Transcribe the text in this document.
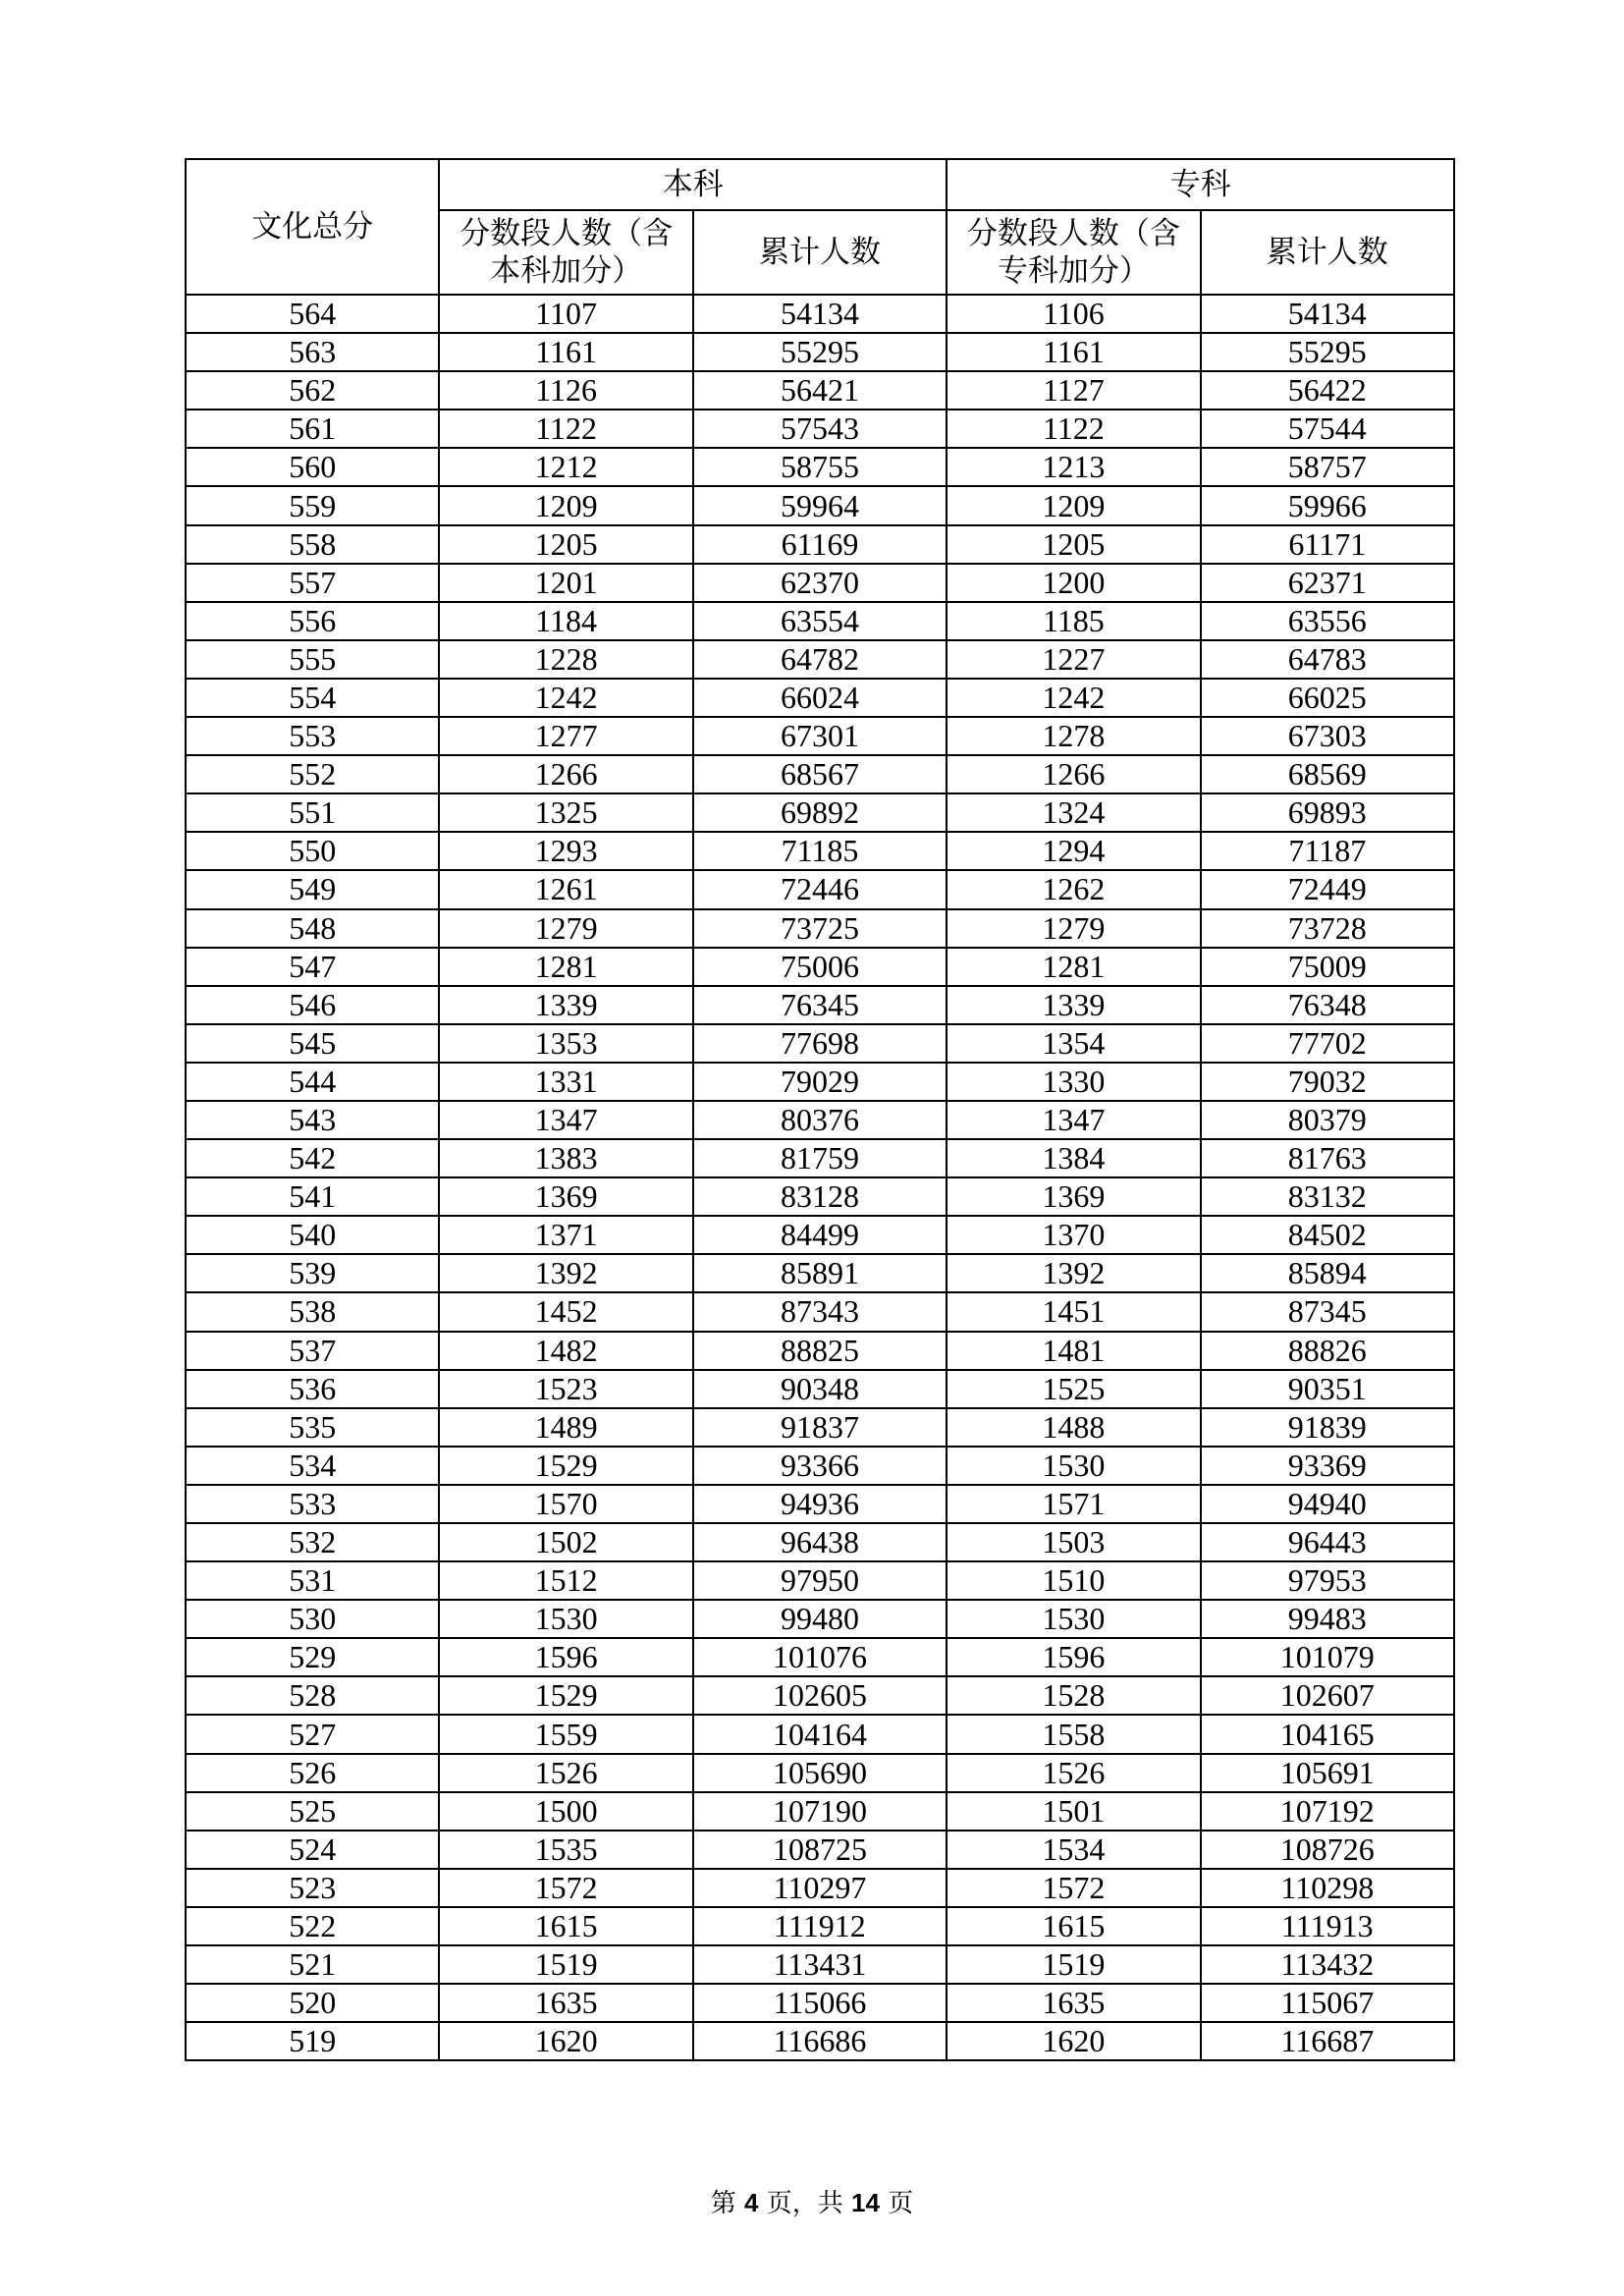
文化总分	本科		专科	
	分数段人数（含本科加分）	累计人数	分数段人数（含专科加分）	累计人数
564	1107	54134	1106	54134
563	1161	55295	1161	55295
562	1126	56421	1127	56422
561	1122	57543	1122	57544
560	1212	58755	1213	58757
559	1209	59964	1209	59966
558	1205	61169	1205	61171
557	1201	62370	1200	62371
556	1184	63554	1185	63556
555	1228	64782	1227	64783
554	1242	66024	1242	66025
553	1277	67301	1278	67303
552	1266	68567	1266	68569
551	1325	69892	1324	69893
550	1293	71185	1294	71187
549	1261	72446	1262	72449
548	1279	73725	1279	73728
547	1281	75006	1281	75009
546	1339	76345	1339	76348
545	1353	77698	1354	77702
544	1331	79029	1330	79032
543	1347	80376	1347	80379
542	1383	81759	1384	81763
541	1369	83128	1369	83132
540	1371	84499	1370	84502
539	1392	85891	1392	85894
538	1452	87343	1451	87345
537	1482	88825	1481	88826
536	1523	90348	1525	90351
535	1489	91837	1488	91839
534	1529	93366	1530	93369
533	1570	94936	1571	94940
532	1502	96438	1503	96443
531	1512	97950	1510	97953
530	1530	99480	1530	99483
529	1596	101076	1596	101079
528	1529	102605	1528	102607
527	1559	104164	1558	104165
526	1526	105690	1526	105691
525	1500	107190	1501	107192
524	1535	108725	1534	108726
523	1572	110297	1572	110298
522	1615	111912	1615	111913
521	1519	113431	1519	113432
520	1635	115066	1635	115067
519	1620	116686	1620	116687
第 4 页，共 14 页
